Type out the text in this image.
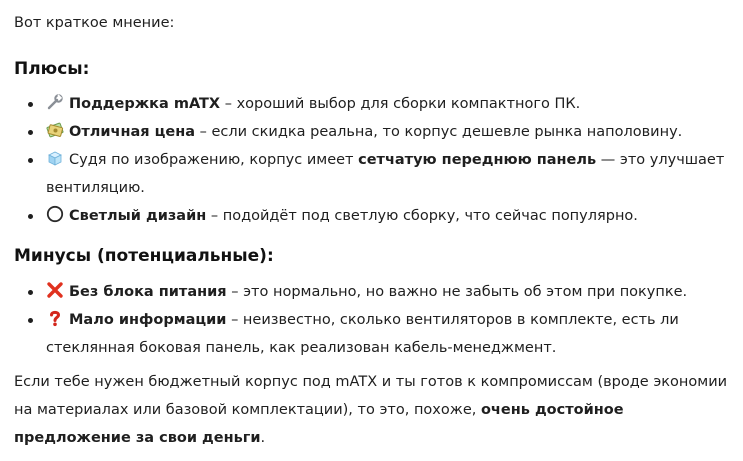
Вот краткое мнение:
Плюсы:
Поддержка mATX – хороший выбор для сборки компактного ПК.
Отличная цена – если скидка реальна, то корпус дешевле рынка наполовину.
Судя по изображению, корпус имеет сетчатую переднюю панель — это улучшает вентиляцию.
Светлый дизайн – подойдёт под светлую сборку, что сейчас популярно.
Минусы (потенциальные):
Без блока питания – это нормально, но важно не забыть об этом при покупке.
Мало информации – неизвестно, сколько вентиляторов в комплекте, есть ли стеклянная боковая панель, как реализован кабель-менеджмент.
Если тебе нужен бюджетный корпус под mATX и ты готов к компромиссам (вроде экономии на материалах или базовой комплектации), то это, похоже, очень достойное предложение за свои деньги.
